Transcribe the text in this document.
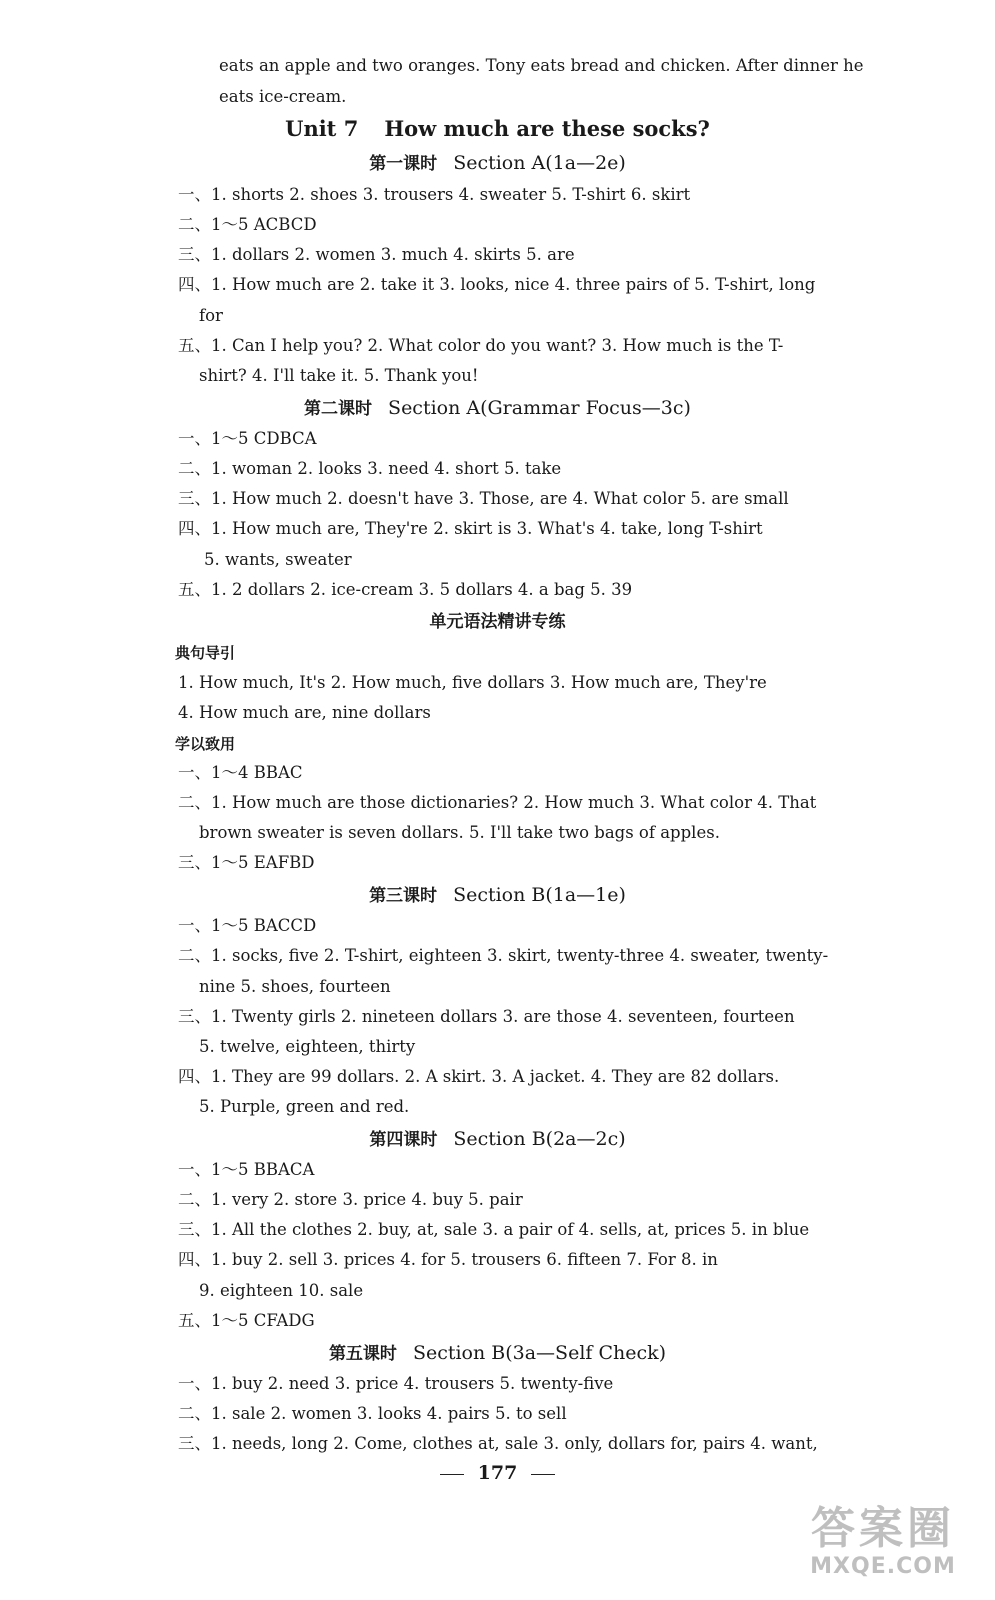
eats an apple and two oranges. Tony eats bread and chicken. After dinner he
eats ice-cream.
Unit 7 How much are these socks?
第一课时 Section A(1a—2e)
一、1. shorts 2. shoes 3. trousers 4. sweater 5. T-shirt 6. skirt
二、1～5 ACBCD
三、1. dollars 2. women 3. much 4. skirts 5. are
四、1. How much are 2. take it 3. looks, nice 4. three pairs of 5. T-shirt, long
for
五、1. Can I help you? 2. What color do you want? 3. How much is the T-
shirt? 4. I'll take it. 5. Thank you!
第二课时 Section A(Grammar Focus—3c)
一、1～5 CDBCA
二、1. woman 2. looks 3. need 4. short 5. take
三、1. How much 2. doesn't have 3. Those, are 4. What color 5. are small
四、1. How much are, They're 2. skirt is 3. What's 4. take, long T-shirt
5. wants, sweater
五、1. 2 dollars 2. ice-cream 3. 5 dollars 4. a bag 5. 39
单元语法精讲专练
典句导引
1. How much, It's 2. How much, five dollars 3. How much are, They're
4. How much are, nine dollars
学以致用
一、1～4 BBAC
二、1. How much are those dictionaries? 2. How much 3. What color 4. That
brown sweater is seven dollars. 5. I'll take two bags of apples.
三、1～5 EAFBD
第三课时 Section B(1a—1e)
一、1～5 BACCD
二、1. socks, five 2. T-shirt, eighteen 3. skirt, twenty-three 4. sweater, twenty-
nine 5. shoes, fourteen
三、1. Twenty girls 2. nineteen dollars 3. are those 4. seventeen, fourteen
5. twelve, eighteen, thirty
四、1. They are 99 dollars. 2. A skirt. 3. A jacket. 4. They are 82 dollars.
5. Purple, green and red.
第四课时 Section B(2a—2c)
一、1～5 BBACA
二、1. very 2. store 3. price 4. buy 5. pair
三、1. All the clothes 2. buy, at, sale 3. a pair of 4. sells, at, prices 5. in blue
四、1. buy 2. sell 3. prices 4. for 5. trousers 6. fifteen 7. For 8. in
9. eighteen 10. sale
五、1～5 CFADG
第五课时 Section B(3a—Self Check)
一、1. buy 2. need 3. price 4. trousers 5. twenty-five
二、1. sale 2. women 3. looks 4. pairs 5. to sell
三、1. needs, long 2. Come, clothes at, sale 3. only, dollars for, pairs 4. want,
177
答案圈
MXQE.COM
